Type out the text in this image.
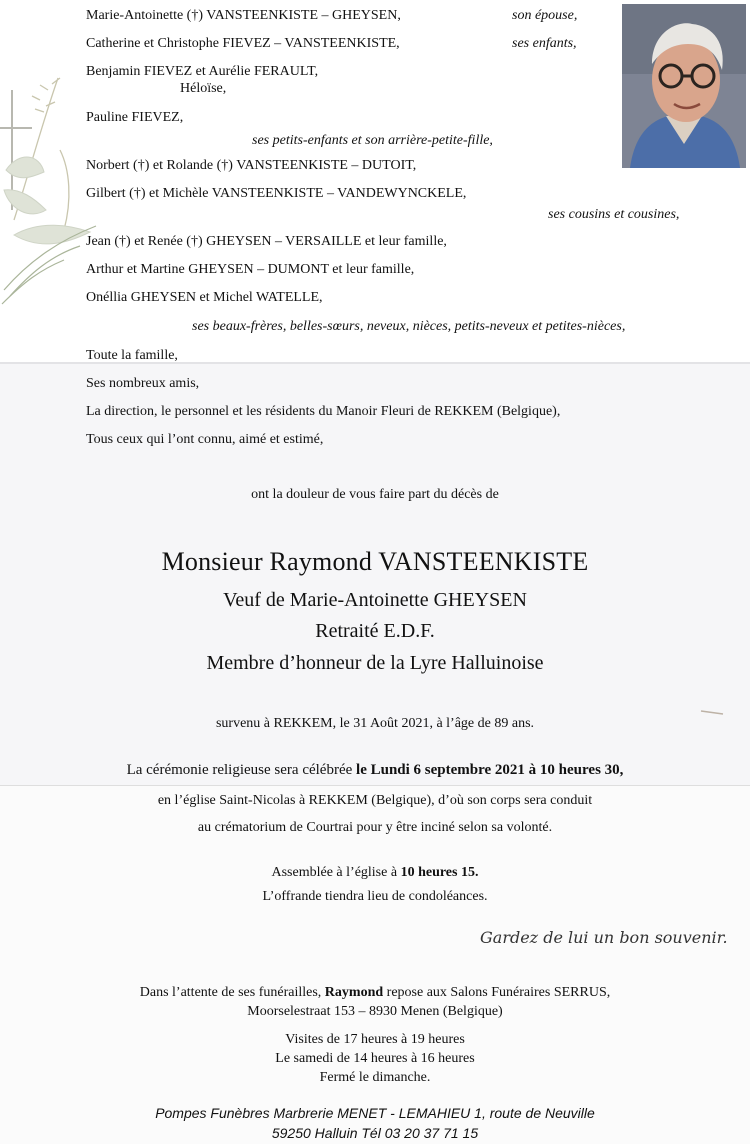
Marie-Antoinette (†) VANSTEENKISTE – GHEYSEN,	son épouse,
Catherine et Christophe FIEVEZ – VANSTEENKISTE,	ses enfants,
Benjamin FIEVEZ et Aurélie FERAULT,
Héloïse,
Pauline FIEVEZ,
ses petits-enfants et son arrière-petite-fille,
Norbert (†) et Rolande (†) VANSTEENKISTE – DUTOIT,
Gilbert (†) et Michèle VANSTEENKISTE – VANDEWYNCKELE,
ses cousins et cousines,
Jean (†) et Renée (†) GHEYSEN – VERSAILLE et leur famille,
Arthur et Martine GHEYSEN – DUMONT et leur famille,
Onéllia GHEYSEN et Michel WATELLE,
ses beaux-frères, belles-sœurs, neveux, nièces, petits-neveux et petites-nièces,
Toute la famille,
Ses nombreux amis,
La direction, le personnel et les résidents du Manoir Fleuri de REKKEM (Belgique),
Tous ceux qui l’ont connu, aimé et estimé,
ont la douleur de vous faire part du décès de
Monsieur Raymond VANSTEENKISTE
Veuf de Marie-Antoinette GHEYSEN
Retraité E.D.F.
Membre d’honneur de la Lyre Halluinoise
survenu à REKKEM, le 31 Août 2021, à l’âge de 89 ans.
La cérémonie religieuse sera célébrée le Lundi 6 septembre 2021 à 10 heures 30,
en l’église Saint-Nicolas à REKKEM (Belgique), d’où son corps sera conduit
au crématorium de Courtrai pour y être inciné selon sa volonté.
Assemblée à l’église à 10 heures 15.
L’offrande tiendra lieu de condoléances.
Gardez de lui un bon souvenir.
Dans l’attente de ses funérailles, Raymond repose aux Salons Funéraires SERRUS,
Moorselestraat 153 – 8930 Menen (Belgique)
Visites de 17 heures à 19 heures
Le samedi de 14 heures à 16 heures
Fermé le dimanche.
Pompes Funèbres Marbrerie MENET - LEMAHIEU 1, route de Neuville
59250 Halluin Tél 03 20 37 71 15
